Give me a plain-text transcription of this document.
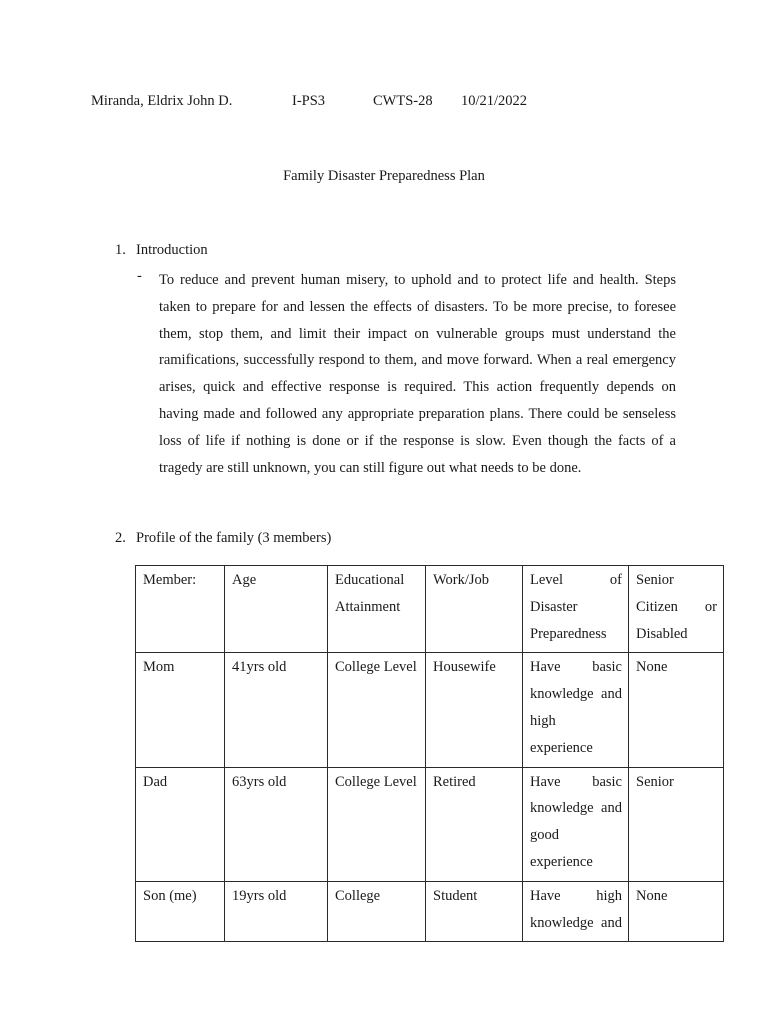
Miranda, Eldrix John D.	I-PS3	CWTS-28 10/21/2022
Family Disaster Preparedness Plan
1. Introduction
- To reduce and prevent human misery, to uphold and to protect life and health. Steps taken to prepare for and lessen the effects of disasters. To be more precise, to foresee them, stop them, and limit their impact on vulnerable groups must understand the ramifications, successfully respond to them, and move forward. When a real emergency arises, quick and effective response is required. This action frequently depends on having made and followed any appropriate preparation plans. There could be senseless loss of life if nothing is done or if the response is slow. Even though the facts of a tragedy are still unknown, you can still figure out what needs to be done.
2. Profile of the family (3 members)
Member:	Age	Educational Attainment	Work/Job	Level of Disaster Preparedness	Senior Citizen or Disabled
Mom	41yrs old	College Level	Housewife	Have basic knowledge and high experience	None
Dad	63yrs old	College Level	Retired	Have basic knowledge and good experience	Senior
Son (me)	19yrs old	College	Student	Have high knowledge and	None
